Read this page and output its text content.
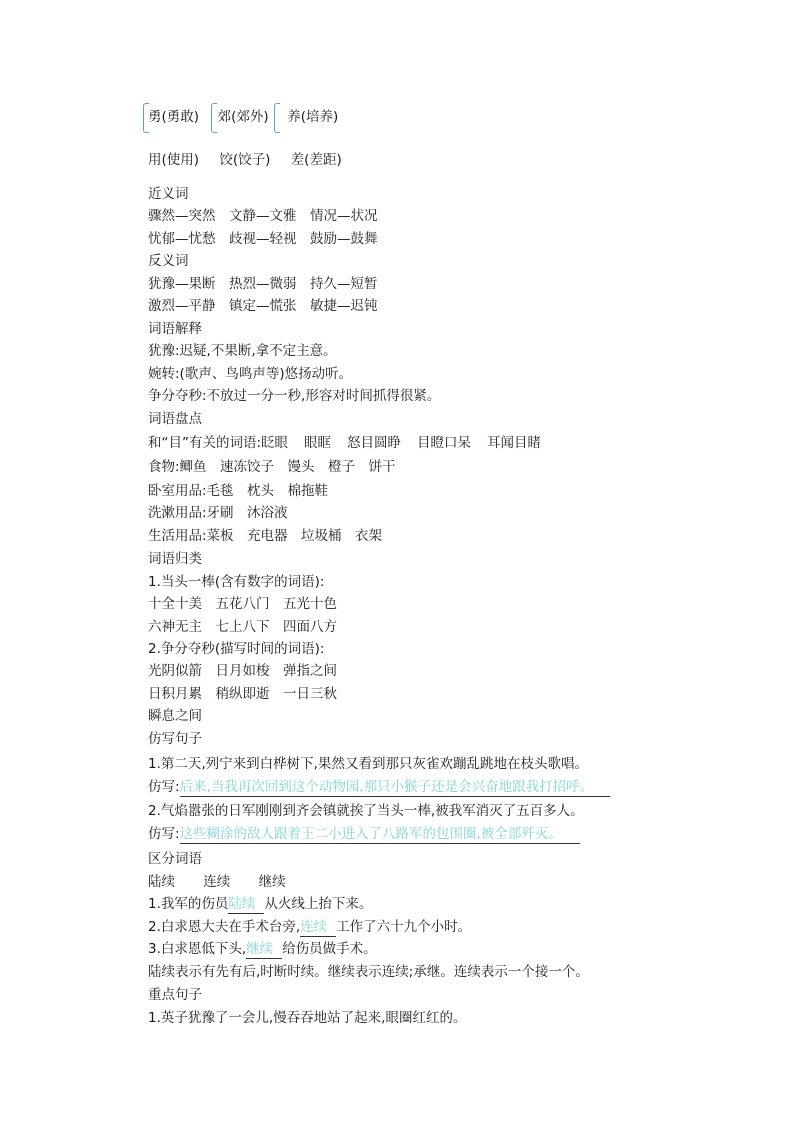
勇(勇敢) 郊(郊外) 养(培养)
用(使用) 饺(饺子) 差(差距)
近义词
骤然—突然　文静—文雅　情况—状况
忧郁—忧愁　歧视—轻视　鼓励—鼓舞
反义词
犹豫—果断　热烈—微弱　持久—短暂
激烈—平静　镇定—慌张　敏捷—迟钝
词语解释
犹豫:迟疑,不果断,拿不定主意。
婉转:(歌声、鸟鸣声等)悠扬动听。
争分夺秒:不放过一分一秒,形容对时间抓得很紧。
词语盘点
和“目”有关的词语:眨眼 眼眶 怒目圆睁 目瞪口呆 耳闻目睹
食物:鲫鱼　速冻饺子　馒头　橙子　饼干
卧室用品:毛毯　枕头　棉拖鞋
洗漱用品:牙刷　沐浴液
生活用品:菜板　充电器　垃圾桶　衣架
词语归类
1.当头一棒(含有数字的词语):
十全十美　五花八门　五光十色
六神无主　七上八下　四面八方
2.争分夺秒(描写时间的词语):
光阴似箭　日月如梭　弹指之间
日积月累　稍纵即逝　一日三秋
瞬息之间
仿写句子
1.第二天,列宁来到白桦树下,果然又看到那只灰雀欢蹦乱跳地在枝头歌唱。
仿写:后来,当我再次回到这个动物园,那只小猴子还是会兴奋地跟我打招呼。
2.气焰嚣张的日军刚刚到齐会镇就挨了当头一棒,被我军消灭了五百多人。
仿写:这些糊涂的敌人跟着王二小进入了八路军的包围圈,被全部歼灭。
区分词语
陆续 连续 继续
1.我军的伤员陆续 从火线上抬下来。
2.白求恩大夫在手术台旁,连续 工作了六十九个小时。
3.白求恩低下头,继续 给伤员做手术。
陆续表示有先有后,时断时续。继续表示连续;承继。连续表示一个接一个。
重点句子
1.英子犹豫了一会儿,慢吞吞地站了起来,眼圈红红的。
